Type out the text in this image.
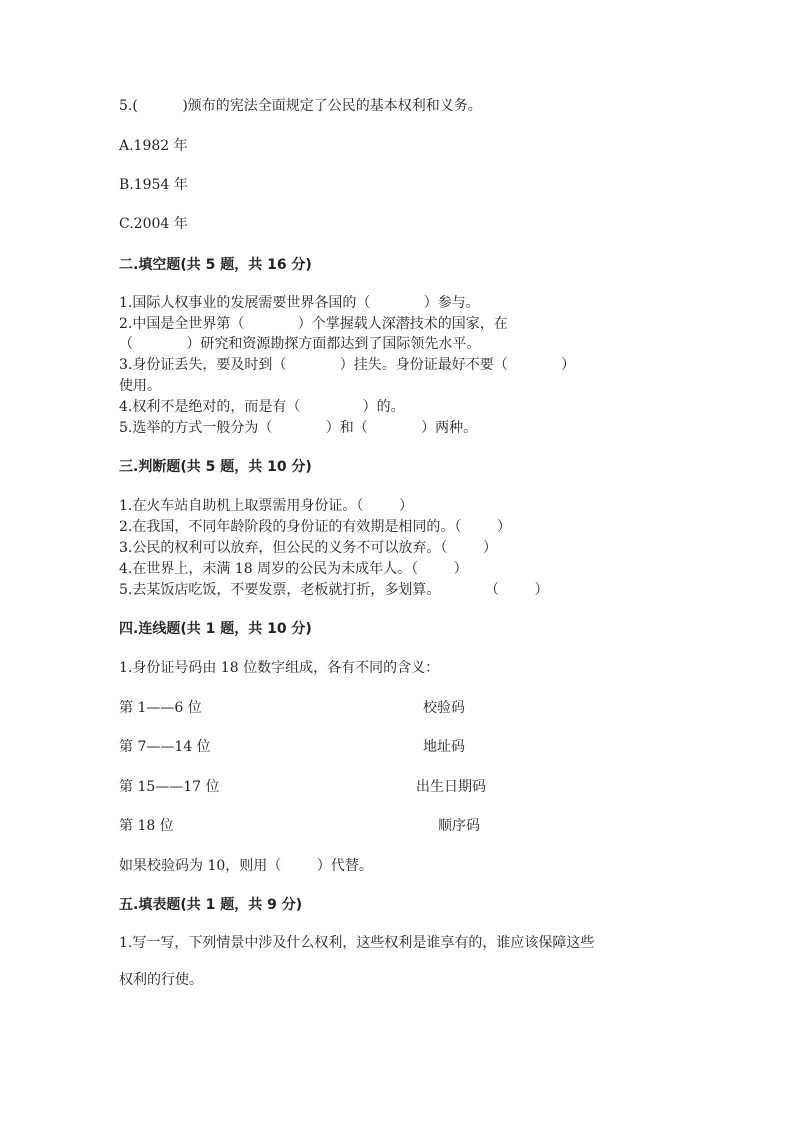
5.(          )颁布的宪法全面规定了公民的基本权利和义务。
A.1982 年
B.1954 年
C.2004 年
二.填空题(共 5 题，共 16 分)
1.国际人权事业的发展需要世界各国的（            ）参与。
2.中国是全世界第（            ）个掌握载人深潜技术的国家，在
（            ）研究和资源勘探方面都达到了国际领先水平。
3.身份证丢失，要及时到（            ）挂失。身份证最好不要（            ）
使用。
4.权利不是绝对的，而是有（              ）的。
5.选举的方式一般分为（            ）和（            ）两种。
三.判断题(共 5 题，共 10 分)
1.在火车站自助机上取票需用身份证。（        ）
2.在我国，不同年龄阶段的身份证的有效期是相同的。（        ）
3.公民的权利可以放弃，但公民的义务不可以放弃。（        ）
4.在世界上，未满 18 周岁的公民为未成年人。（        ）
5.去某饭店吃饭，不要发票，老板就打折，多划算。          （        ）
四.连线题(共 1 题，共 10 分)
1.身份证号码由 18 位数字组成，各有不同的含义：
第 1——6 位
第 7——14 位
第 15——17 位
第 18 位
校验码
地址码
出生日期码
顺序码
如果校验码为 10，则用（        ）代替。
五.填表题(共 1 题，共 9 分)
1.写一写，下列情景中涉及什么权利，这些权利是谁享有的，谁应该保障这些
权利的行使。
